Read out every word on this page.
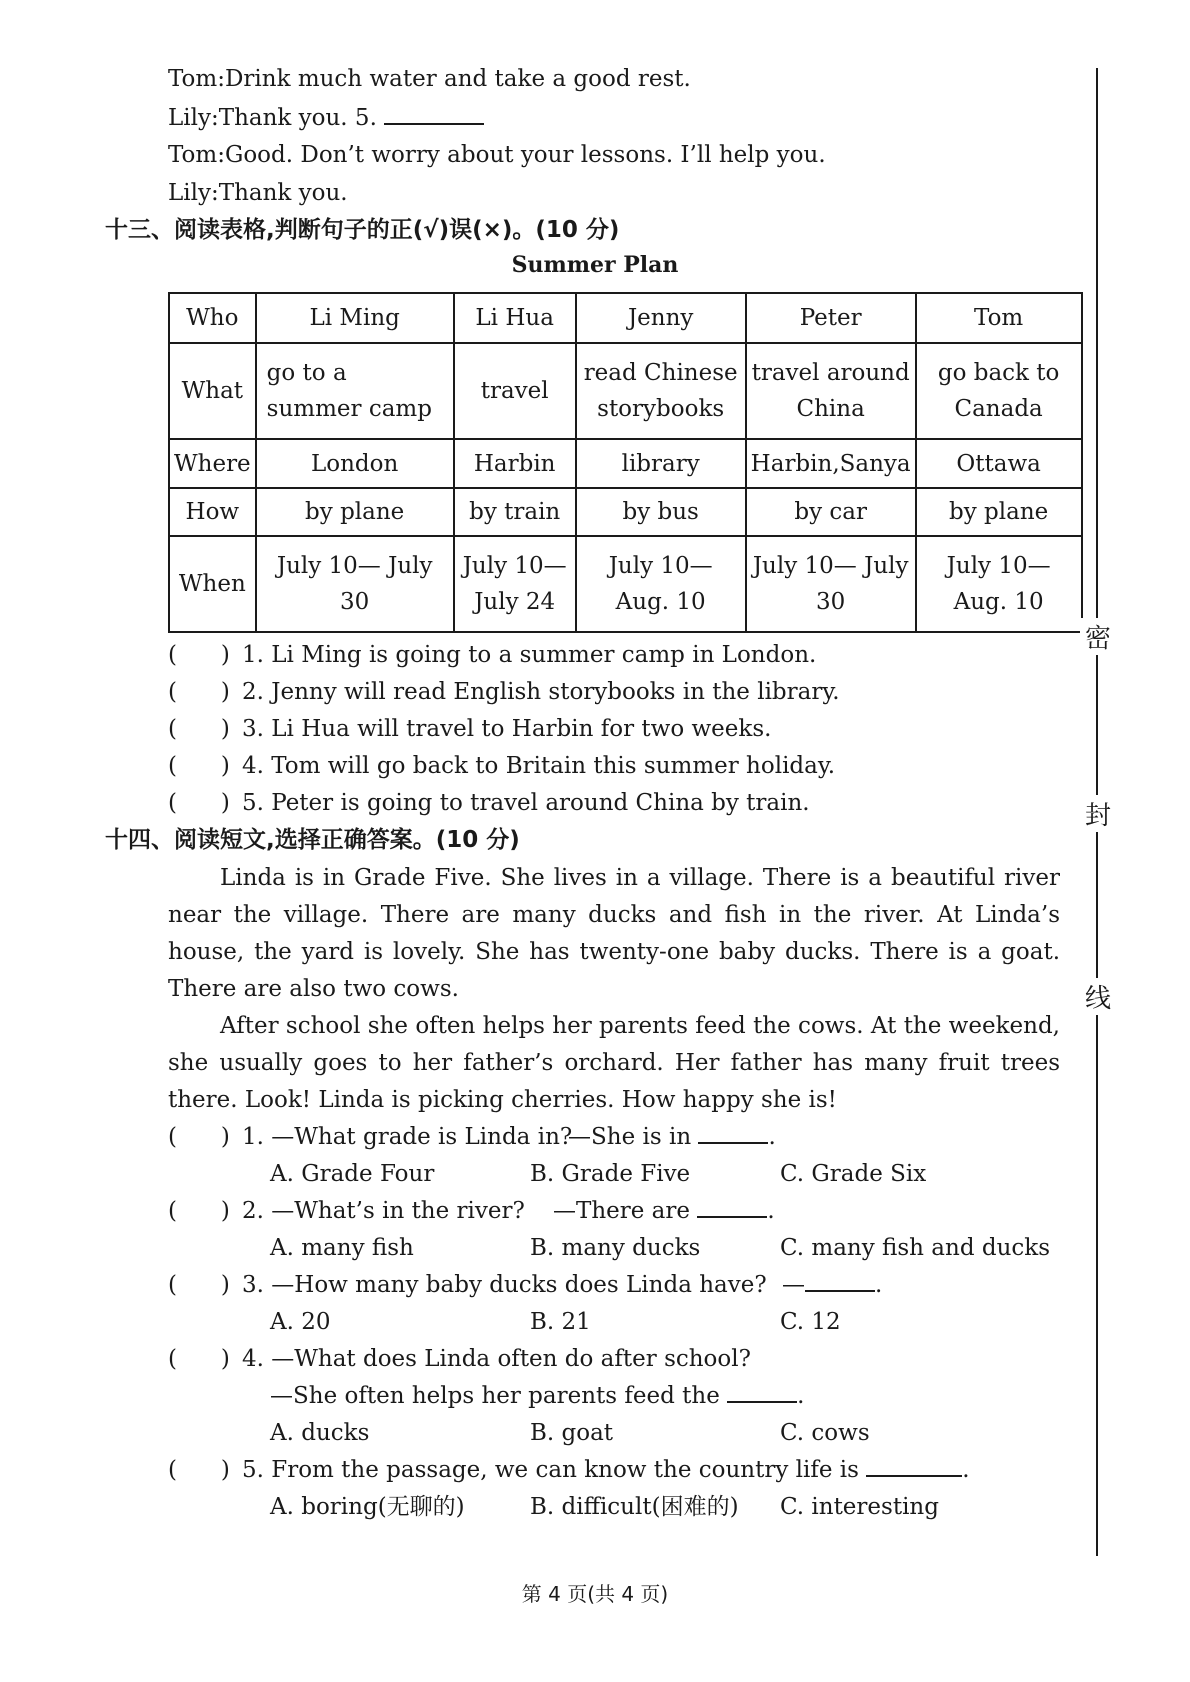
Tom:Drink much water and take a good rest.
Lily:Thank you. 5.
Tom:Good. Don’t worry about your lessons. I’ll help you.
Lily:Thank you.
十三、阅读表格,判断句子的正(√)误(×)。(10 分)
Summer Plan
Who	Li Ming	Li Hua	Jenny	Peter	Tom
What	go to a summer camp	travel	read Chinese storybooks	travel around China	go back to Canada
Where	London	Harbin	library	Harbin,Sanya	Ottawa
How	by plane	by train	by bus	by car	by plane
When	July 10— July 30	July 10— July 24	July 10— Aug. 10	July 10— July 30	July 10— Aug. 10
(      ) 1. Li Ming is going to a summer camp in London.
(      ) 2. Jenny will read English storybooks in the library.
(      ) 3. Li Hua will travel to Harbin for two weeks.
(      ) 4. Tom will go back to Britain this summer holiday.
(      ) 5. Peter is going to travel around China by train.
十四、阅读短文,选择正确答案。(10 分)

Linda is in Grade Five. She lives in a village. There is a beautiful river near the village. There are many ducks and fish in the river. At Linda’s house, the yard is lovely. She has twenty-one baby ducks. There is a goat. There are also two cows.

After school she often helps her parents feed the cows. At the weekend, she usually goes to her father’s orchard. Her father has many fruit trees there. Look! Linda is picking cherries. How happy she is!

(      ) 1. —What grade is Linda in?
—She is in	.
A. Grade Four	B. Grade Five	C. Grade Six
(      ) 2. —What’s in the river? —There are	.
A. many fish	B. many ducks	C. many fish and ducks
(      ) 3. —How many baby ducks does Linda have? —	.
A. 20	B. 21	C. 12
(      ) 4. —What does Linda often do after school?
—She often helps her parents feed the	.
A. ducks	B. goat	C. cows
(      ) 5. From the passage, we can know the country life is	.
A. boring(无聊的)	B. difficult(困难的) C. interesting
密
封
线
第 4 页(共 4 页)
